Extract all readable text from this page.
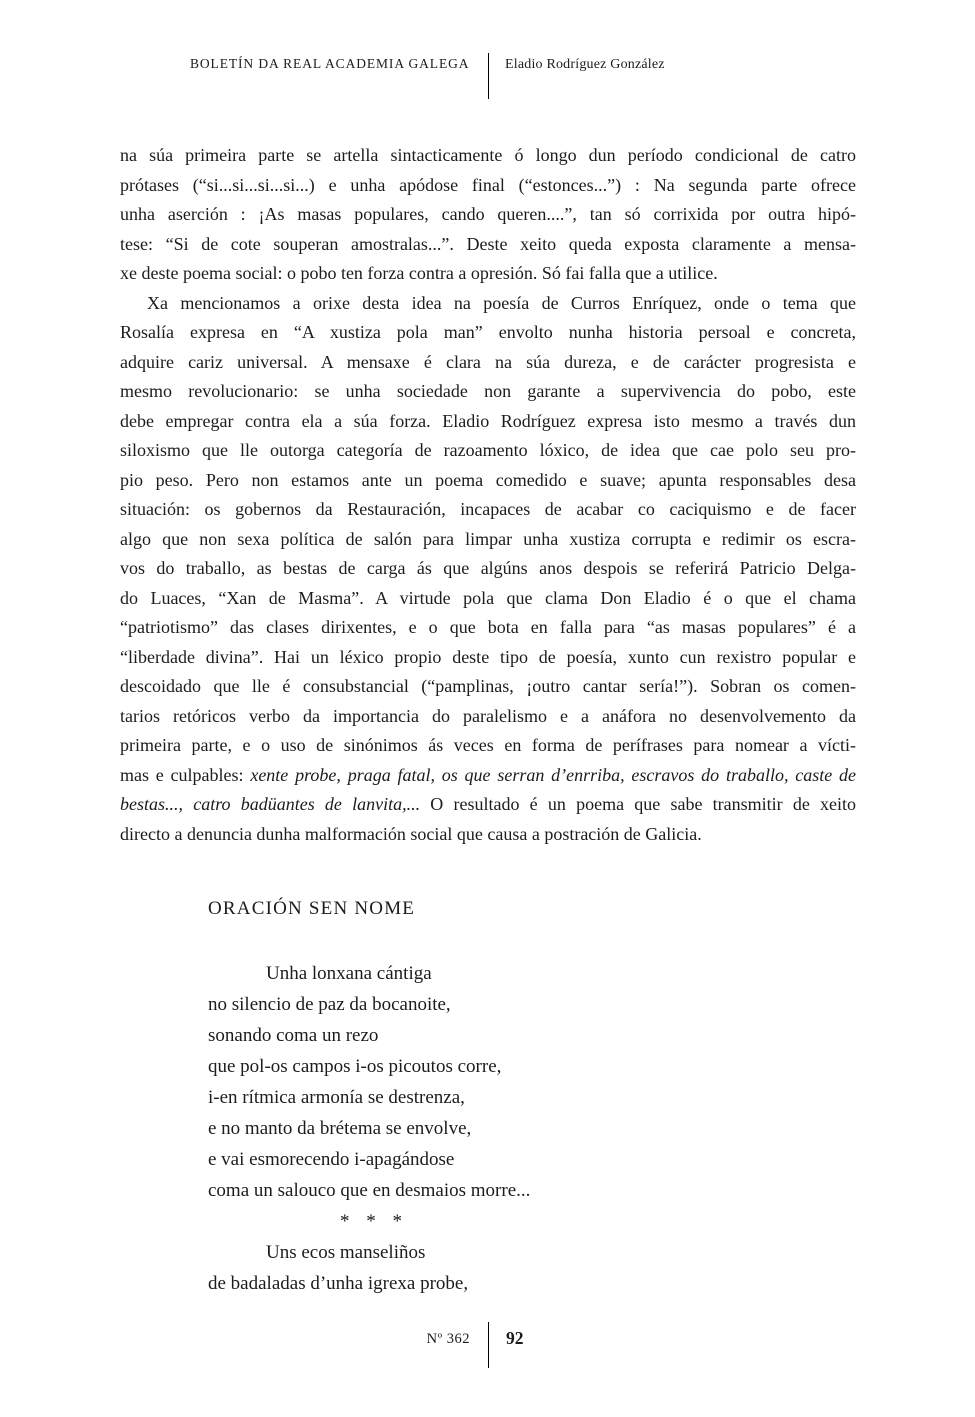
BOLETÍN DA REAL ACADEMIA GALEGA	Eladio Rodríguez González
na súa primeira parte se artella sintacticamente ó longo dun período condicional de catro
prótases (“si...si...si...si...) e unha apódose final (“estonces...”) : Na segunda parte ofrece
unha aserción : ¡As masas populares, cando queren....”, tan só corrixida por outra hipó-
tese: “Si de cote souperan amostralas...”. Deste xeito queda exposta claramente a mensa-
xe deste poema social: o pobo ten forza contra a opresión. Só fai falla que a utilice.
Xa mencionamos a orixe desta idea na poesía de Curros Enríquez, onde o tema que
Rosalía expresa en “A xustiza pola man” envolto nunha historia persoal e concreta,
adquire cariz universal. A mensaxe é clara na súa dureza, e de carácter progresista e
mesmo revolucionario: se unha sociedade non garante a supervivencia do pobo, este
debe empregar contra ela a súa forza. Eladio Rodríguez expresa isto mesmo a través dun
siloxismo que lle outorga categoría de razoamento lóxico, de idea que cae polo seu pro-
pio peso. Pero non estamos ante un poema comedido e suave; apunta responsables desa
situación: os gobernos da Restauración, incapaces de acabar co caciquismo e de facer
algo que non sexa política de salón para limpar unha xustiza corrupta e redimir os escra-
vos do traballo, as bestas de carga ás que algúns anos despois se referirá Patricio Delga-
do Luaces, “Xan de Masma”. A virtude pola que clama Don Eladio é o que el chama
“patriotismo” das clases dirixentes, e o que bota en falla para “as masas populares” é a
“liberdade divina”. Hai un léxico propio deste tipo de poesía, xunto cun rexistro popular e
descoidado que lle é consubstancial (“pamplinas, ¡outro cantar sería!”). Sobran os comen-
tarios retóricos verbo da importancia do paralelismo e a anáfora no desenvolvemento da
primeira parte, e o uso de sinónimos ás veces en forma de perífrases para nomear a vícti-
mas e culpables: xente probe, praga fatal, os que serran d’enrriba, escravos do traballo, caste de
bestas..., catro badüantes de lanvita,... O resultado é un poema que sabe transmitir de xeito
directo a denuncia dunha malformación social que causa a postración de Galicia.
ORACIÓN SEN NOME
Unha lonxana cántiga
no silencio de paz da bocanoite,
sonando coma un rezo
que pol-os campos i-os picoutos corre,
i-en rítmica armonía se destrenza,
e no manto da brétema se envolve,
e vai esmorecendo i-apagándose
coma un salouco que en desmaios morre...
* * *
Uns ecos manseliños
de badaladas d’unha igrexa probe,
Nº 362 92
